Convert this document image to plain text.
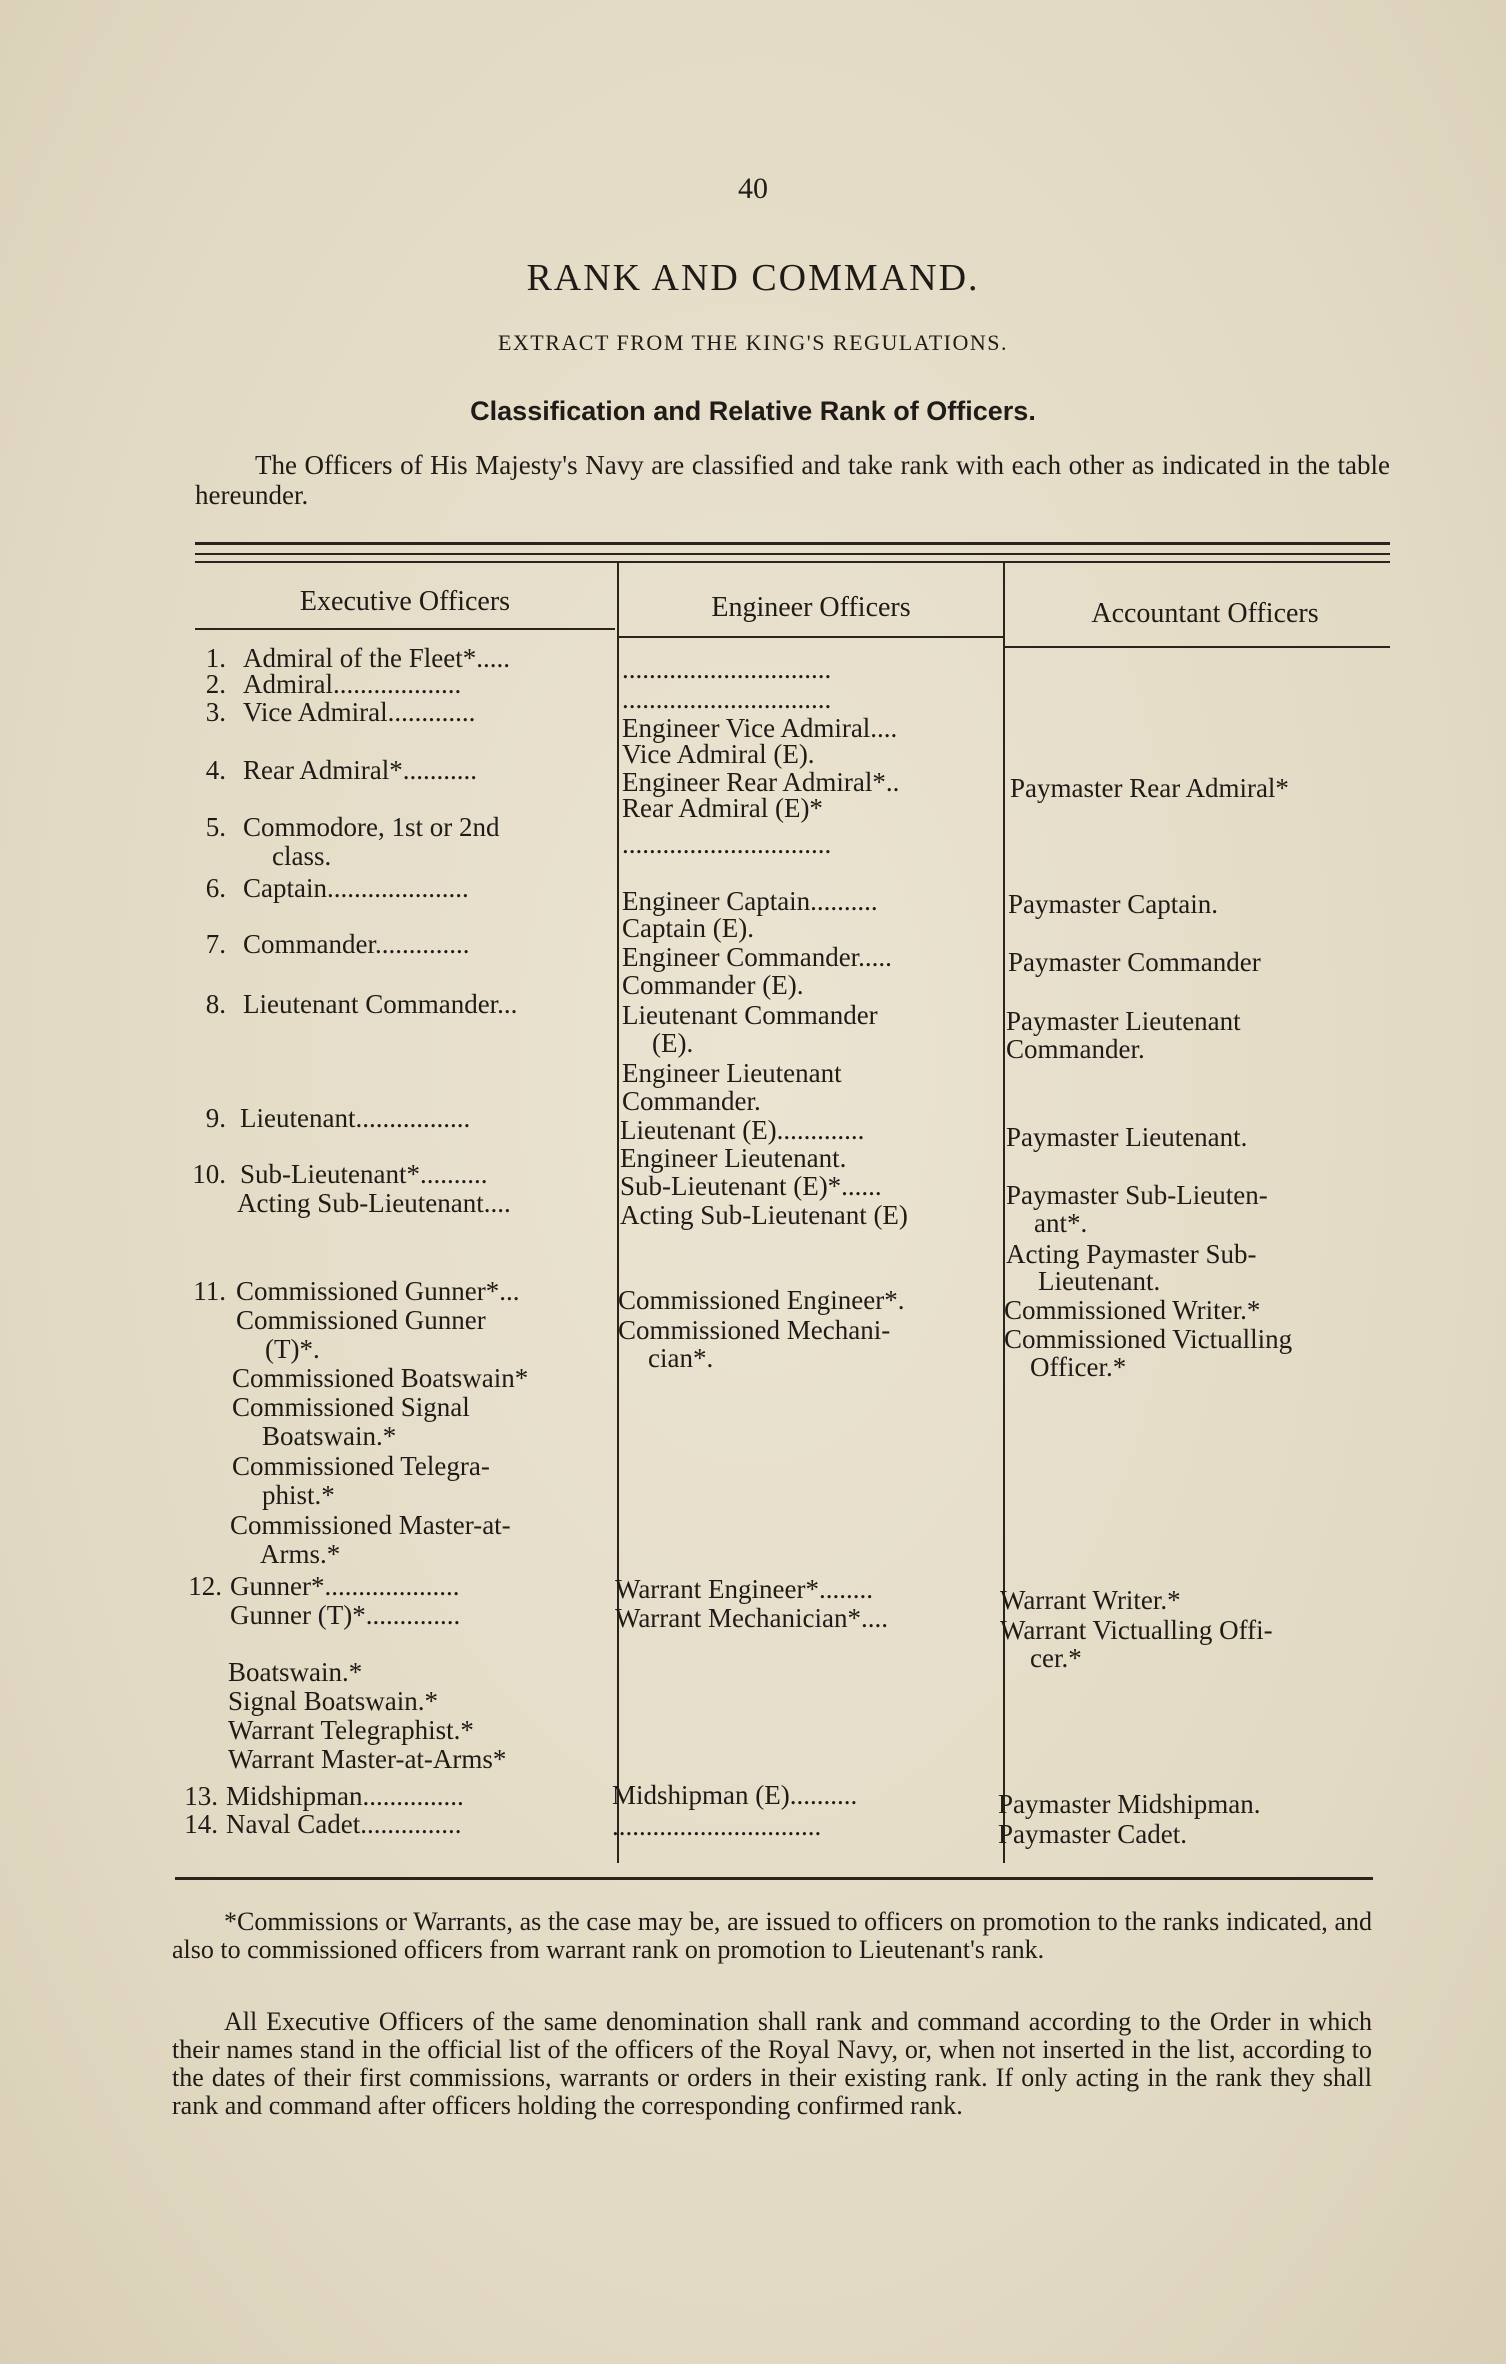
40
RANK AND COMMAND.
EXTRACT FROM THE KING'S REGULATIONS.
Classification and Relative Rank of Officers.
The Officers of His Majesty's Navy are classified and take rank with each other as indicated in the table hereunder.
Executive Officers	Engineer Officers	Accountant Officers
1.
2.
3.
4.
5.
6.
7.
8.
9.
10.
11.
12.
13.
14.
Admiral of the Fleet*.....
Admiral...................
Vice Admiral.............
Rear Admiral*...........
Commodore, 1st or 2nd
class.
Captain.....................
Commander..............
Lieutenant Commander...
Lieutenant.................
Sub-Lieutenant*..........
Acting Sub-Lieutenant....
Commissioned Gunner*...
Commissioned Gunner
(T)*.
Commissioned Boatswain*
Commissioned Signal
Boatswain.*
Commissioned Telegra-
phist.*
Commissioned Master-at-
Arms.*
Gunner*....................
Gunner (T)*..............
Boatswain.*
Signal Boatswain.*
Warrant Telegraphist.*
Warrant Master-at-Arms*
Midshipman...............
Naval Cadet...............
...............................
...............................
Engineer Vice Admiral....
Vice Admiral (E).
Engineer Rear Admiral*..
Rear Admiral (E)*
...............................
Engineer Captain..........
Captain (E).
Engineer Commander.....
Commander (E).
Lieutenant Commander
(E).
Engineer Lieutenant
Commander.
Lieutenant (E).............
Engineer Lieutenant.
Sub-Lieutenant (E)*......
Acting Sub-Lieutenant (E)
Commissioned Engineer*.
Commissioned Mechani-
cian*.
Warrant Engineer*........
Warrant Mechanician*....
Midshipman (E)..........
...............................
Paymaster Rear Admiral*
Paymaster Captain.
Paymaster Commander
Paymaster Lieutenant
Commander.
Paymaster Lieutenant.
Paymaster Sub-Lieuten-
ant*.
Acting Paymaster Sub-
Lieutenant.
Commissioned Writer.*
Commissioned Victualling
Officer.*
Warrant Writer.*
Warrant Victualling Offi-
cer.*
Paymaster Midshipman.
Paymaster Cadet.
*Commissions or Warrants, as the case may be, are issued to officers on promotion to the ranks indicated, and also to commissioned officers from warrant rank on promotion to Lieutenant's rank.
All Executive Officers of the same denomination shall rank and command according to the Order in which their names stand in the official list of the officers of the Royal Navy, or, when not inserted in the list, according to the dates of their first commissions, warrants or orders in their existing rank. If only acting in the rank they shall rank and command after officers holding the corresponding confirmed rank.
